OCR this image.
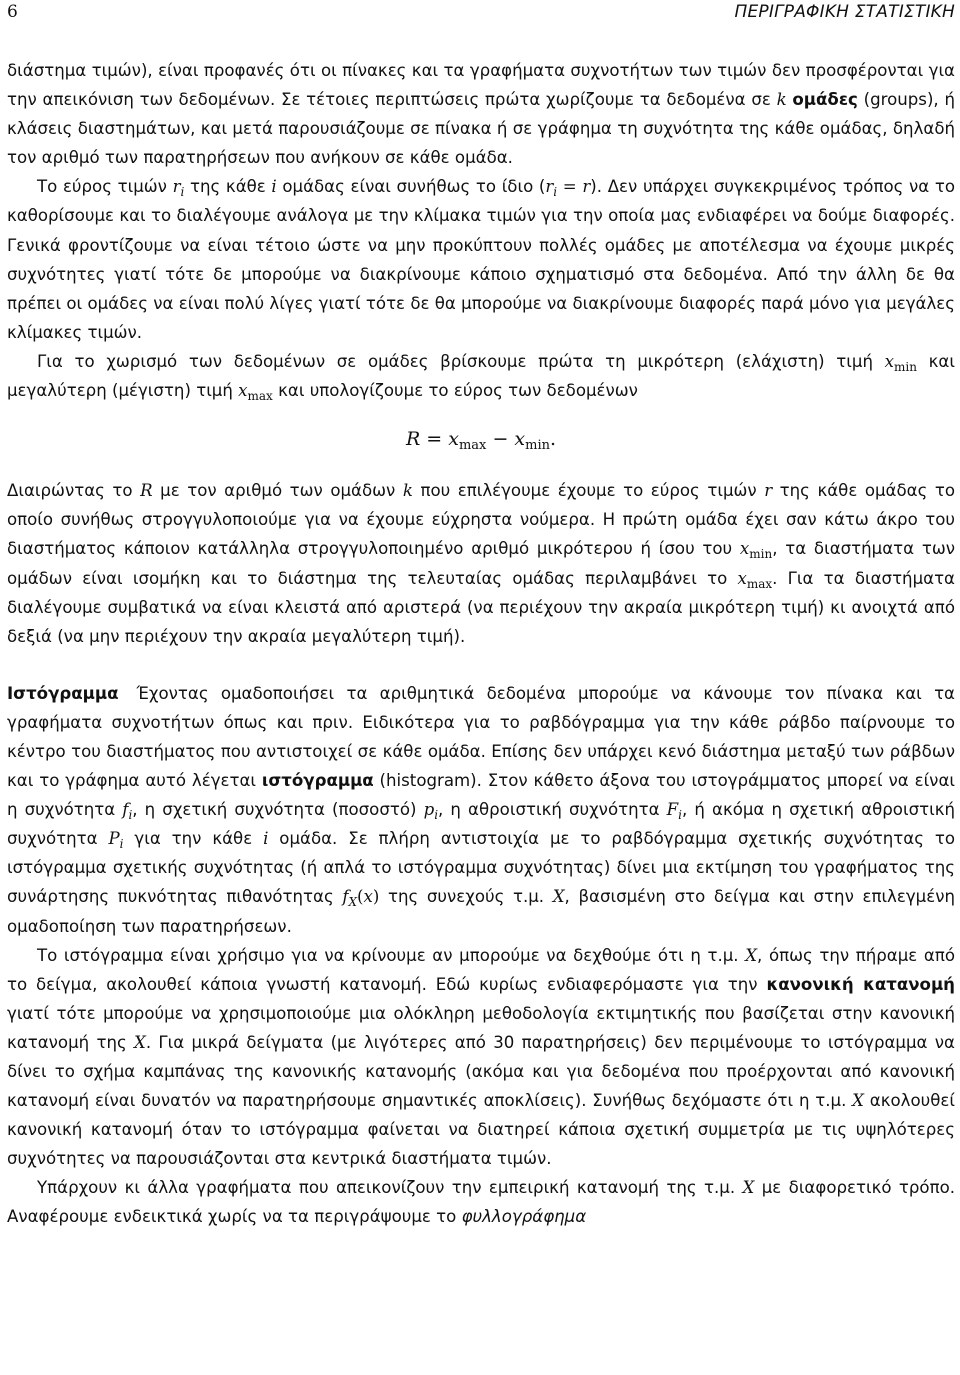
6	ΠΕΡΙΓΡΑΦΙΚΗ ΣΤΑΤΙΣΤΙΚΗ

διάστημα τιμών), είναι προφανές ότι οι πίνακες και τα γραφήματα συχνοτήτων των τιμών δεν προσφέρονται για την απεικόνιση των δεδομένων. Σε τέτοιες περιπτώσεις πρώτα χωρίζουμε τα δεδομένα σε k ομάδες (groups), ή κλάσεις διαστημάτων, και μετά παρουσιάζουμε σε πίνακα ή σε γράφημα τη συχνότητα της κάθε ομάδας, δηλαδή τον αριθμό των παρατηρήσεων που ανήκουν σε κάθε ομάδα.

Το εύρος τιμών $r_i$ της κάθε i ομάδας είναι συνήθως το ίδιο $(r_i = r)$. Δεν υπάρχει συγκεκριμένος τρόπος να το καθορίσουμε και το διαλέγουμε ανάλογα με την κλίμακα τιμών για την οποία μας ενδιαφέρει να δούμε διαφορές. Γενικά φροντίζουμε να είναι τέτοιο ώστε να μην προκύπτουν πολλές ομάδες με αποτέλεσμα να έχουμε μικρές συχνότητες γιατί τότε δε μπορούμε να διακρίνουμε κάποιο σχηματισμό στα δεδομένα. Από την άλλη δε θα πρέπει οι ομάδες να είναι πολύ λίγες γιατί τότε δε θα μπορούμε να διακρίνουμε διαφορές παρά μόνο για μεγάλες κλίμακες τιμών.

Για το χωρισμό των δεδομένων σε ομάδες βρίσκουμε πρώτα τη μικρότερη (ελάχιστη) τιμή $x_{min}$ και μεγαλύτερη (μέγιστη) τιμή $x_{max}$ και υπολογίζουμε το εύρος των δεδομένων

$R = x_{max} - x_{min}$.

Διαιρώντας το R με τον αριθμό των ομάδων k που επιλέγουμε έχουμε το εύρος τιμών r της κάθε ομάδας το οποίο συνήθως στρογγυλοποιούμε για να έχουμε εύχρηστα νούμερα. Η πρώτη ομάδα έχει σαν κάτω άκρο του διαστήματος κάποιον κατάλληλα στρογγυλοποιημένο αριθμό μικρότερου ή ίσου του $x_{min}$, τα διαστήματα των ομάδων είναι ισομήκη και το διάστημα της τελευταίας ομάδας περιλαμβάνει το $x_{max}$. Για τα διαστήματα διαλέγουμε συμβατικά να είναι κλειστά από αριστερά (να περιέχουν την ακραία μικρότερη τιμή) κι ανοιχτά από δεξιά (να μην περιέχουν την ακραία μεγαλύτερη τιμή).

Ιστόγραμμα Έχοντας ομαδοποιήσει τα αριθμητικά δεδομένα μπορούμε να κάνουμε τον πίνακα και τα γραφήματα συχνοτήτων όπως και πριν. Ειδικότερα για το ραβδόγραμμα για την κάθε ράβδο παίρνουμε το κέντρο του διαστήματος που αντιστοιχεί σε κάθε ομάδα. Επίσης δεν υπάρχει κενό διάστημα μεταξύ των ράβδων και το γράφημα αυτό λέγεται ιστόγραμμα (histogram). Στον κάθετο άξονα του ιστογράμματος μπορεί να είναι η συχνότητα $f_i$, η σχετική συχνότητα (ποσοστό) $p_i$, η αθροιστική συχνότητα $F_i$, ή ακόμα η σχετική αθροιστική συχνότητα $P_i$ για την κάθε i ομάδα. Σε πλήρη αντιστοιχία με το ραβδόγραμμα σχετικής συχνότητας το ιστόγραμμα σχετικής συχνότητας (ή απλά το ιστόγραμμα συχνότητας) δίνει μια εκτίμηση του γραφήματος της συνάρτησης πυκνότητας πιθανότητας $f_X(x)$ της συνεχούς τ.μ. X, βασισμένη στο δείγμα και στην επιλεγμένη ομαδοποίηση των παρατηρήσεων.

Το ιστόγραμμα είναι χρήσιμο για να κρίνουμε αν μπορούμε να δεχθούμε ότι η τ.μ. X, όπως την πήραμε από το δείγμα, ακολουθεί κάποια γνωστή κατανομή. Εδώ κυρίως ενδιαφερόμαστε για την κανονική κατανομή γιατί τότε μπορούμε να χρησιμοποιούμε μια ολόκληρη μεθοδολογία εκτιμητικής που βασίζεται στην κανονική κατανομή της X. Για μικρά δείγματα (με λιγότερες από 30 παρατηρήσεις) δεν περιμένουμε το ιστόγραμμα να δίνει το σχήμα καμπάνας της κανονικής κατανομής (ακόμα και για δεδομένα που προέρχονται από κανονική κατανομή είναι δυνατόν να παρατηρήσουμε σημαντικές αποκλίσεις). Συνήθως δεχόμαστε ότι η τ.μ. X ακολουθεί κανονική κατανομή όταν το ιστόγραμμα φαίνεται να διατηρεί κάποια σχετική συμμετρία με τις υψηλότερες συχνότητες να παρουσιάζονται στα κεντρικά διαστήματα τιμών.

Υπάρχουν κι άλλα γραφήματα που απεικονίζουν την εμπειρική κατανομή της τ.μ. X με διαφορετικό τρόπο. Αναφέρουμε ενδεικτικά χωρίς να τα περιγράψουμε το φυλλογράφημα
